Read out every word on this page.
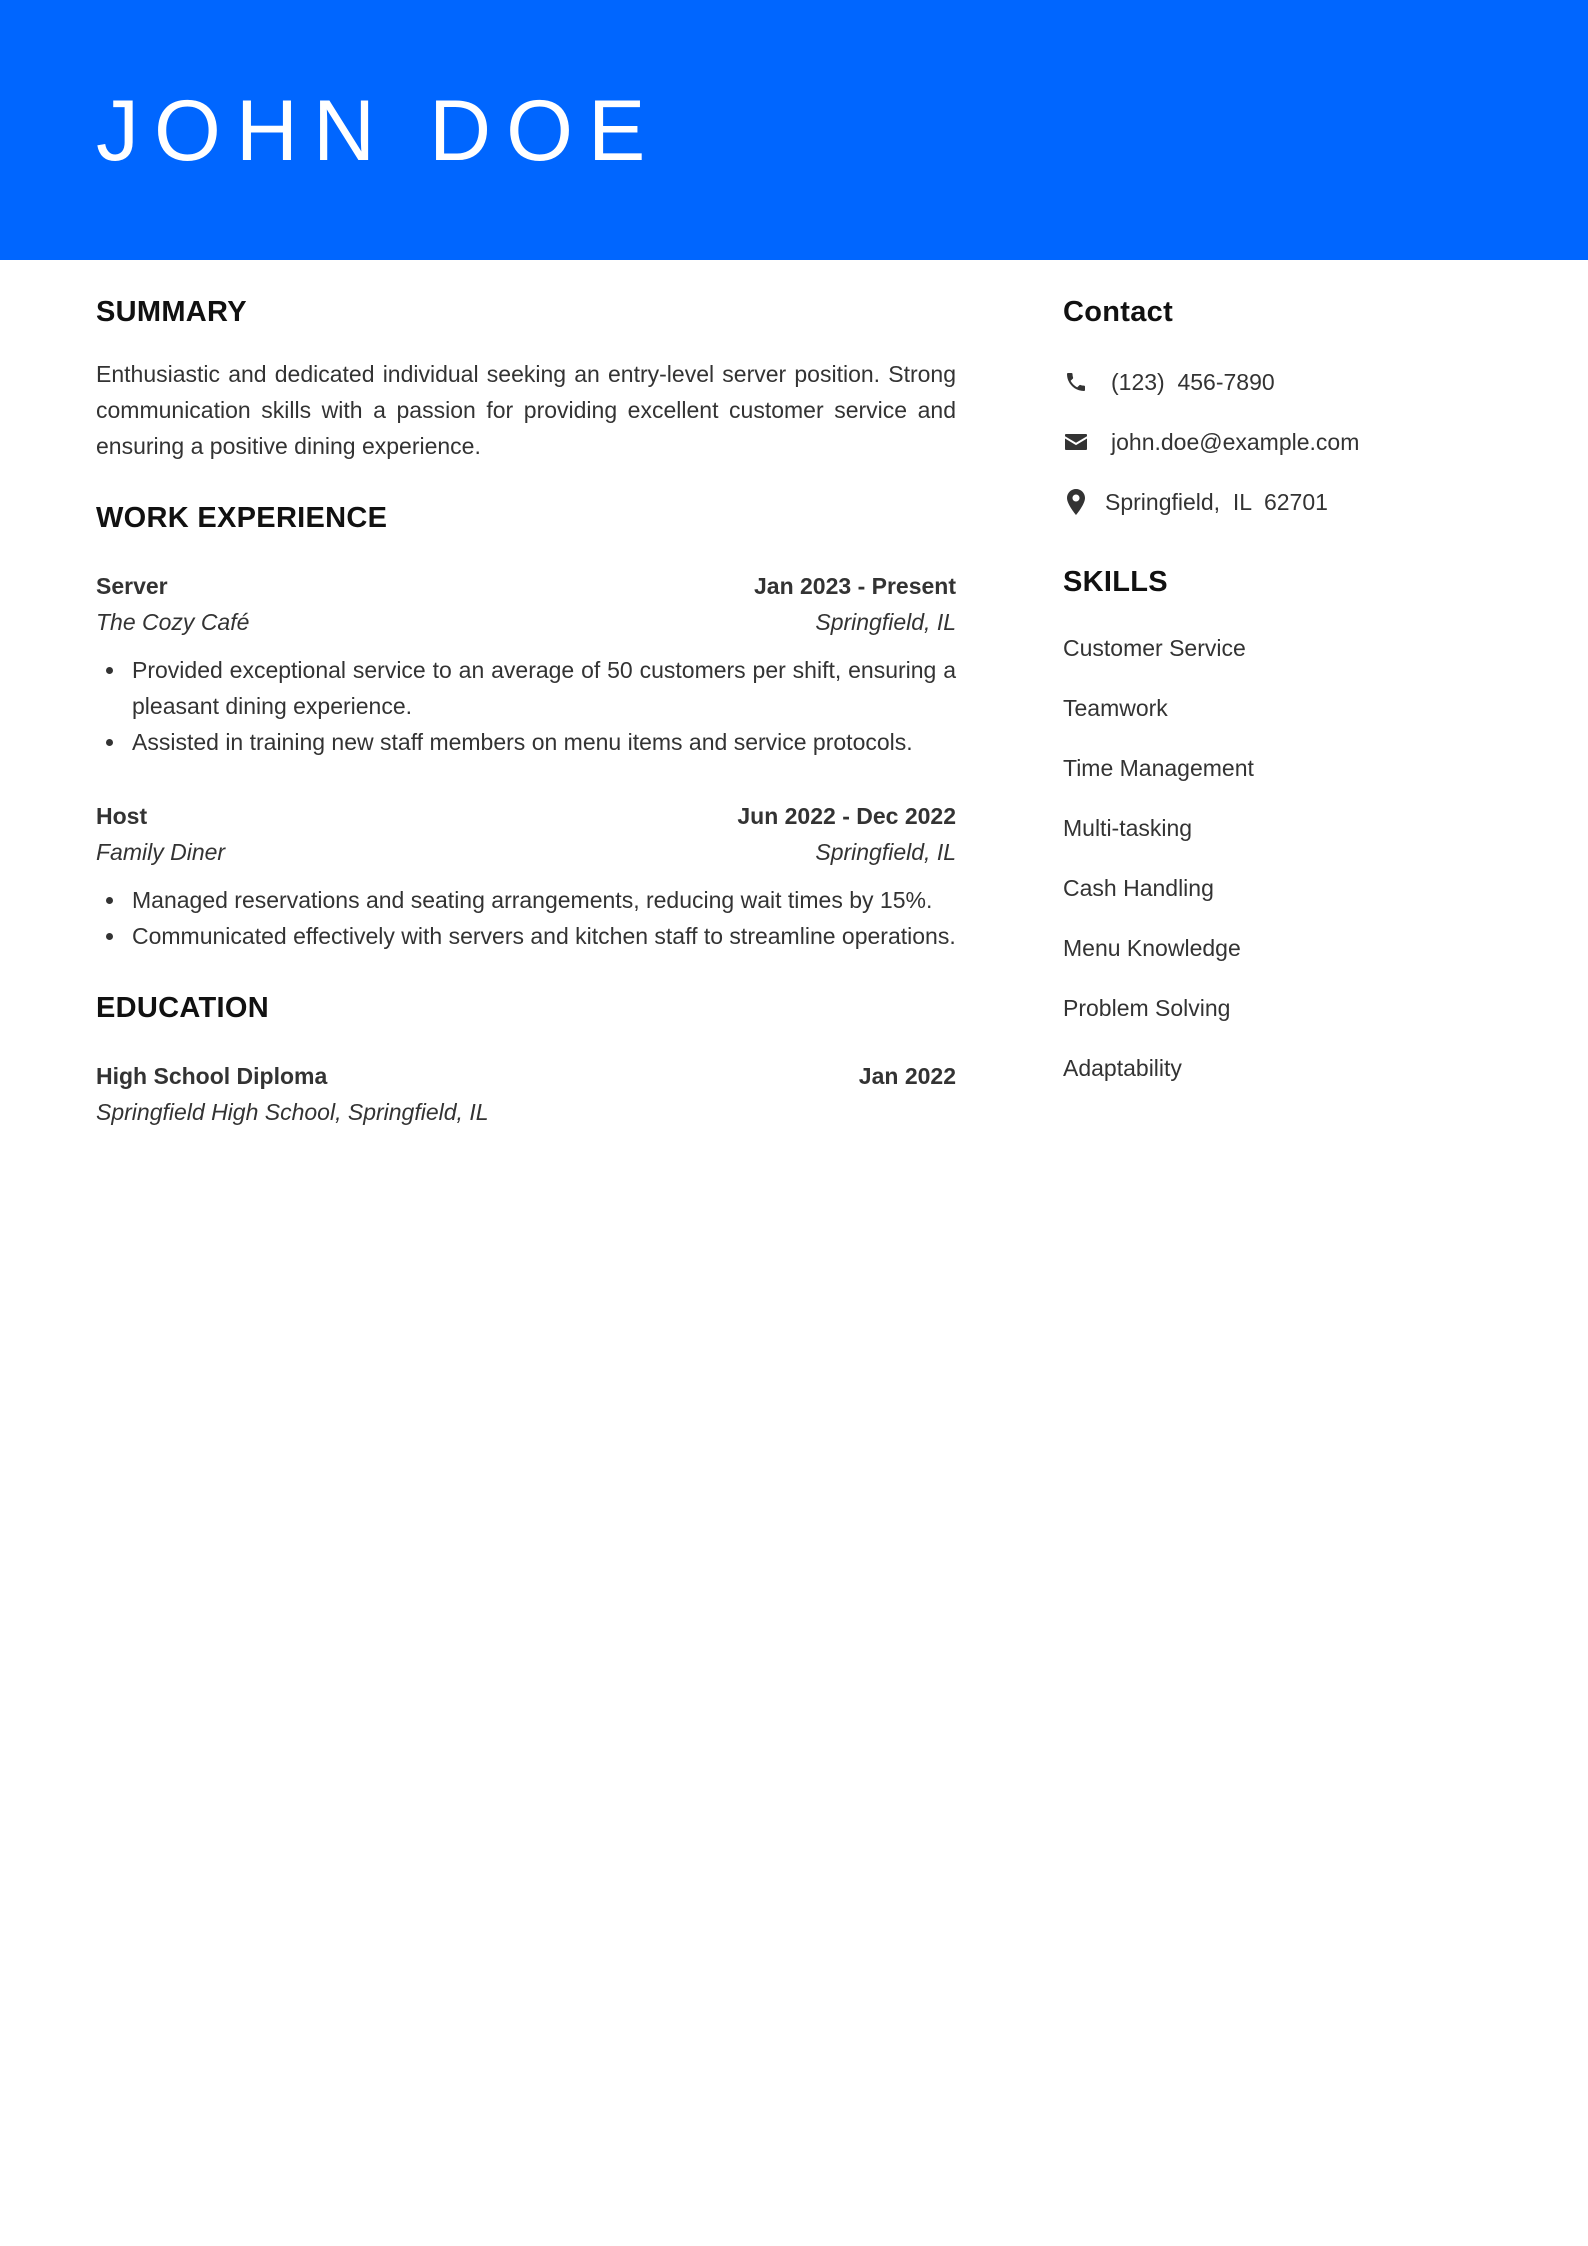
JOHN DOE
SUMMARY

Enthusiastic and dedicated individual seeking an entry-level server position. Strong communication skills with a passion for providing excellent customer service and ensuring a positive dining experience.

WORK EXPERIENCE
Server	Jan 2023 - Present
The Cozy Café	Springfield, IL
Provided exceptional service to an average of 50 customers per shift, ensuring a pleasant dining experience.
Assisted in training new staff members on menu items and service protocols.
Host	Jun 2022 - Dec 2022
Family Diner	Springfield, IL
Managed reservations and seating arrangements, reducing wait times by 15%.
Communicated effectively with servers and kitchen staff to streamline operations.
EDUCATION
High School Diploma	Jan 2022
Springfield High School, Springfield, IL
Contact
(123)  456-7890
john.doe@example.com
Springfield,  IL  62701
SKILLS
Customer Service
Teamwork
Time Management
Multi-tasking
Cash Handling
Menu Knowledge
Problem Solving
Adaptability
